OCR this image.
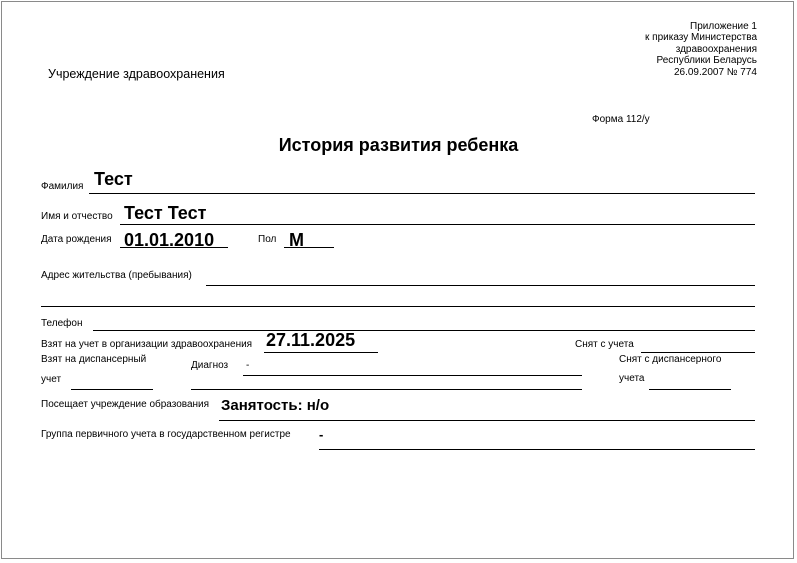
Приложение 1
к приказу Министерства
здравоохранения
Республики Беларусь
26.09.2007 № 774
Учреждение здравоохранения
Форма 112/у
История развития ребенка
Фамилия Тест
Имя и отчество Тест Тест
Дата рождения 01.01.2010	Пол М
Адрес жительства (пребывания)
Телефон
Взят на учет в организации здравоохранения 27.11.2025	Снят с учета
Взят на диспансерный
учет
Диагноз -
Снят с диспансерного
учета
Посещает учреждение образования Занятость: н/о
Группа первичного учета в государственном регистре -
